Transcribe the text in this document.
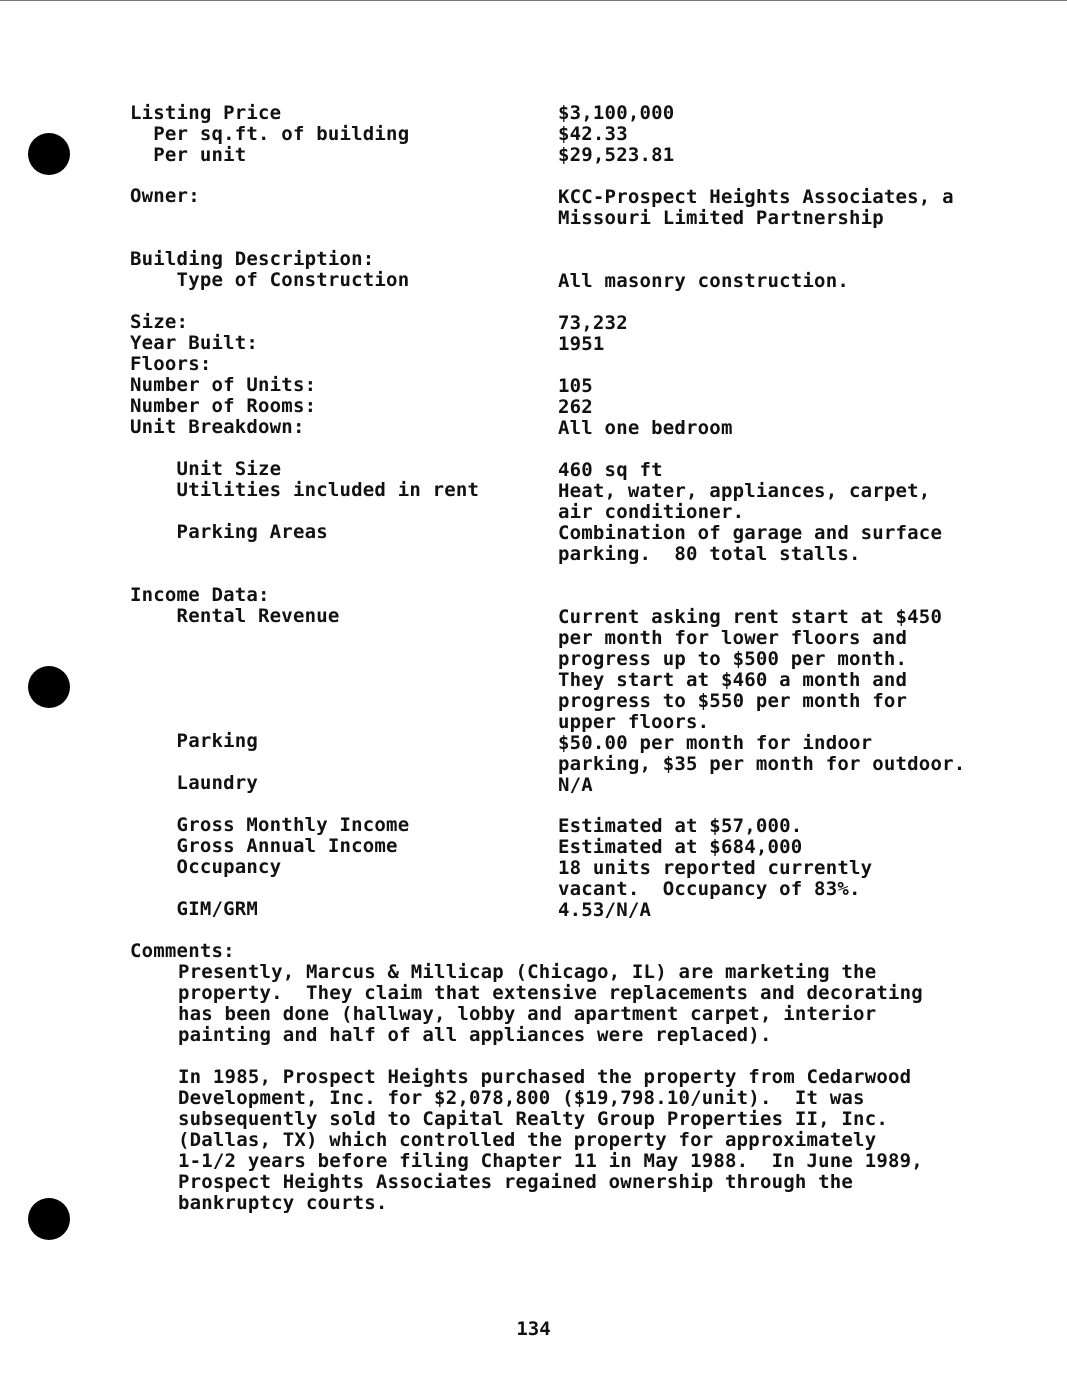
Listing Price
Per sq.ft. of building
Per unit
Owner:
Building Description:
Type of Construction
Size:
Year Built:
Floors:
Number of Units:
Number of Rooms:
Unit Breakdown:
Unit Size
Utilities included in rent
Parking Areas
Income Data:
Rental Revenue
Parking
Laundry
Gross Monthly Income
Gross Annual Income
Occupancy
GIM/GRM
Comments:
$3,100,000
$42.33
$29,523.81
KCC-Prospect Heights Associates, a
Missouri Limited Partnership
All masonry construction.
73,232
1951
105
262
All one bedroom
460 sq ft
Heat, water, appliances, carpet,
air conditioner.
Combination of garage and surface
parking.  80 total stalls.
Current asking rent start at $450
per month for lower floors and
progress up to $500 per month.
They start at $460 a month and
progress to $550 per month for
upper floors.
$50.00 per month for indoor
parking, $35 per month for outdoor.
N/A
Estimated at $57,000.
Estimated at $684,000
18 units reported currently
vacant.  Occupancy of 83%.
4.53/N/A
Presently, Marcus & Millicap (Chicago, IL) are marketing the
property.  They claim that extensive replacements and decorating
has been done (hallway, lobby and apartment carpet, interior
painting and half of all appliances were replaced).
In 1985, Prospect Heights purchased the property from Cedarwood
Development, Inc. for $2,078,800 ($19,798.10/unit).  It was
subsequently sold to Capital Realty Group Properties II, Inc.
(Dallas, TX) which controlled the property for approximately
1-1/2 years before filing Chapter 11 in May 1988.  In June 1989,
Prospect Heights Associates regained ownership through the
bankruptcy courts.
134
